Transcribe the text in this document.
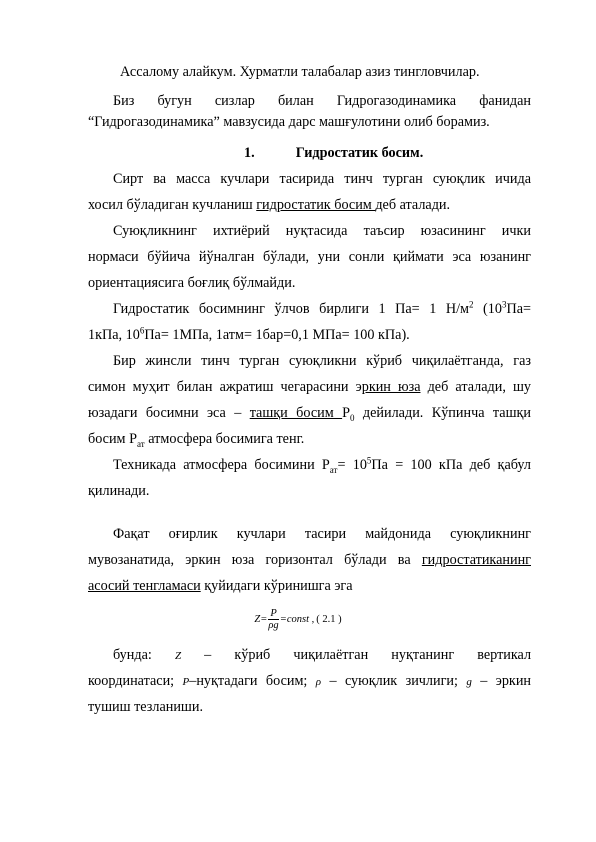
Ассалому алайкум. Хурматли талабалар азиз тингловчилар.
Биз бугун сизлар билан Гидрогазодинамика фанидан
“Гидрогазодинамика” мавзусида дарс машғулотини олиб борамиз.
1.	Гидростатик босим.
Сирт ва масса кучлари тасирида тинч турган суюқлик ичида
хосил бўладиган кучланиш гидростатик босим деб аталади.
Суюқликнинг ихтиёрий нуқтасида таъсир юзасининг ички
нормаси бўйича йўналган бўлади, уни сонли қиймати эса юзанинг
ориентациясига боғлиқ бўлмайди.
Гидростатик босимнинг ўлчов бирлиги 1 Па= 1 $Н/м^2$ ($10^3Па=$
1кПа, $10^6Па= 1МПа$, 1атм= 1бар=0,1 МПа= 100 кПа).
Бир жинсли тинч турган суюқликни кўриб чиқилаётганда, газ
симон муҳит билан ажратиш чегарасини эркин юза деб аталади, шу
юзадаги босимни эса – ташқи босим $P_0$ дейилади. Кўпинча ташқи
босим $P_{ат}$ атмосфера босимига тенг.
Техникада атмосфера босимини $P_{ат}= 10^5Па = 100$ кПа деб қабул
қилинади.
Фақат оғирлик кучлари тасири майдонида суюқликнинг
мувозанатида, эркин юза горизонтал бўлади ва гидростатиканинг
асосий тенгламаси қуйидаги кўринишга эга
$Z= \frac{P}{\rho g}$ =const , ( 2.1 )
бунда: Z – кўриб чиқилаётган нуқтанинг вертикал
координатаси; P–нуқтадаги босим; ρ – суюқлик зичлиги; g – эркин
тушиш тезланиши.
